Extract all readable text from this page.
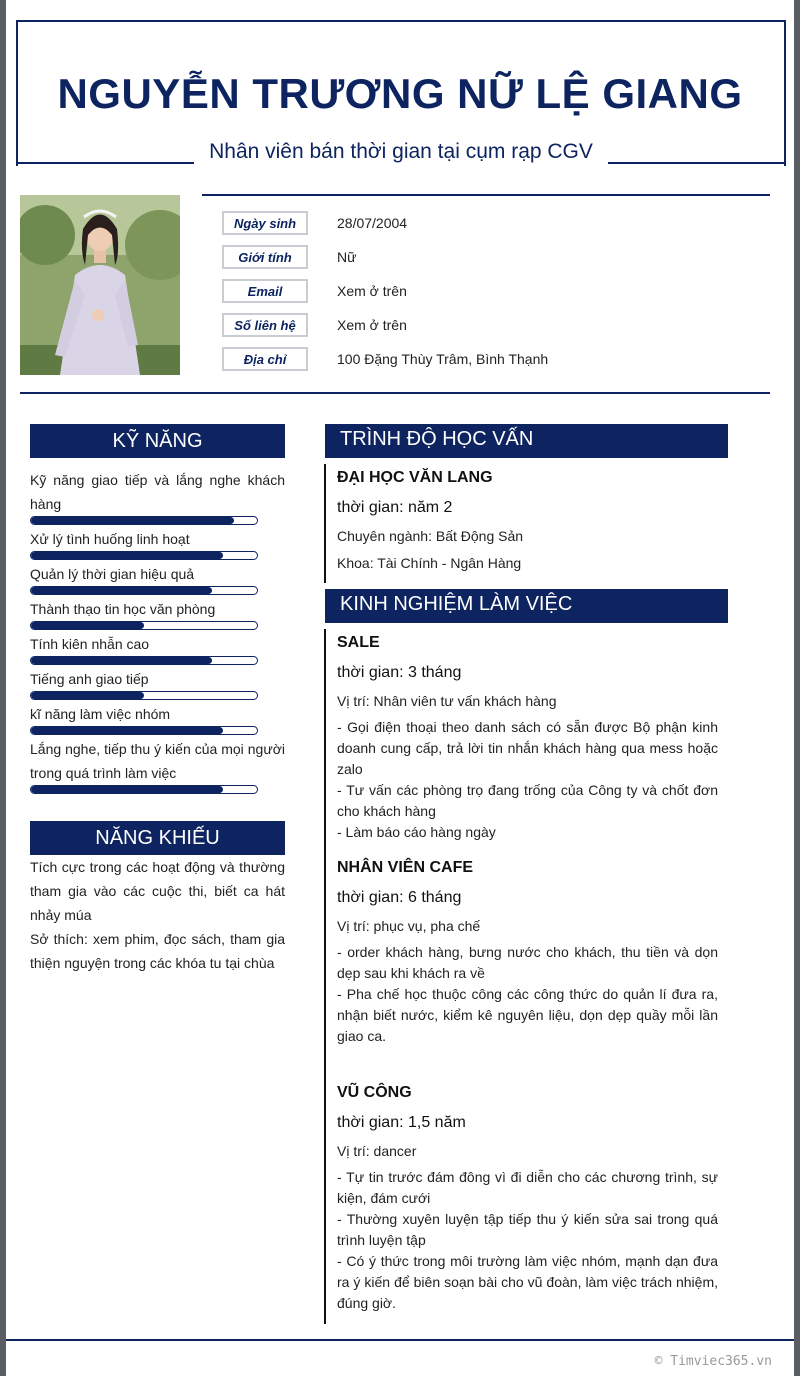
NGUYỄN TRƯƠNG NỮ LỆ GIANG
Nhân viên bán thời gian tại cụm rạp CGV
Ngày sinh	28/07/2004
Giới tính	Nữ
Email	Xem ở trên
Số liên hệ	Xem ở trên
Địa chỉ	100 Đặng Thùy Trâm, Bình Thạnh
KỸ NĂNG
Kỹ năng giao tiếp và lắng nghe khách hàng
Xử lý tình huống linh hoạt
Quản lý thời gian hiệu quả
Thành thạo tin học văn phòng
Tính kiên nhẫn cao
Tiếng anh giao tiếp
kĩ năng làm việc nhóm
Lắng nghe, tiếp thu ý kiến của mọi người trong quá trình làm việc
NĂNG KHIẾU
Tích cực trong các hoạt động và thường tham gia vào các cuộc thi, biết ca hát nhảy múa
Sở thích: xem phim, đọc sách, tham gia thiện nguyện trong các khóa tu tại chùa
TRÌNH ĐỘ HỌC VẤN
ĐẠI HỌC VĂN LANG
thời gian: năm 2
Chuyên ngành: Bất Động Sản
Khoa: Tài Chính - Ngân Hàng
KINH NGHIỆM LÀM VIỆC
SALE
thời gian: 3 tháng
Vị trí: Nhân viên tư vấn khách hàng
- Gọi điện thoại theo danh sách có sẵn được Bộ phận kinh doanh cung cấp, trả lời tin nhắn khách hàng qua mess hoặc zalo
- Tư vấn các phòng trọ đang trống của Công ty và chốt đơn cho khách hàng
- Làm báo cáo hàng ngày
NHÂN VIÊN CAFE
thời gian: 6 tháng
Vị trí: phục vụ, pha chế
- order khách hàng, bưng nước cho khách, thu tiền và dọn dẹp sau khi khách ra về
- Pha chế học thuộc công các công thức do quản lí đưa ra, nhận biết nước, kiểm kê nguyên liệu, dọn dẹp quầy mỗi lần giao ca.
VŨ CÔNG
thời gian: 1,5 năm
Vị trí: dancer
- Tự tin trước đám đông vì đi diễn cho các chương trình, sự kiện, đám cưới
- Thường xuyên luyện tập tiếp thu ý kiến sửa sai trong quá trình luyện tập
- Có ý thức trong môi trường làm việc nhóm, mạnh dạn đưa ra ý kiến để biên soạn bài cho vũ đoàn, làm việc trách nhiệm, đúng giờ.
© Timviec365.vn
